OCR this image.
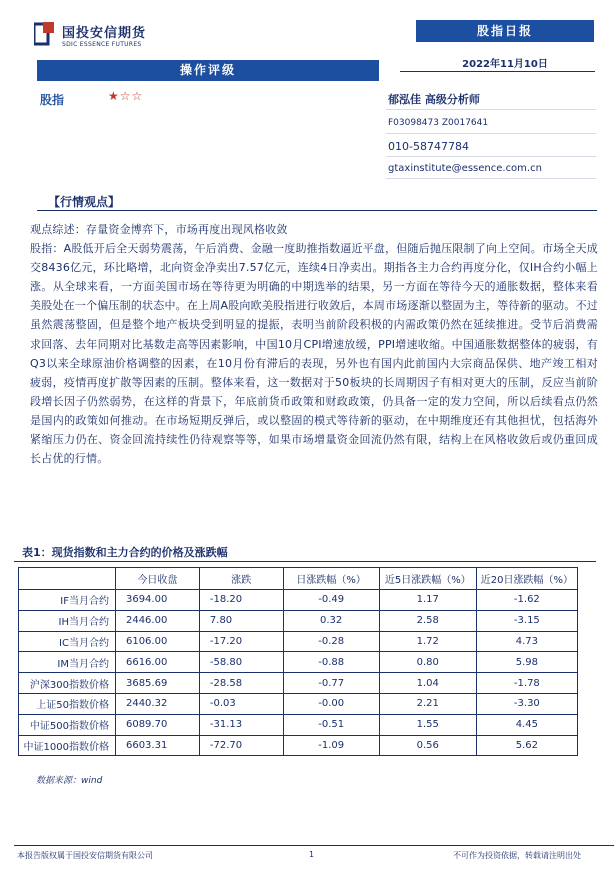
国投安信期货
SDIC ESSENCE FUTURES
股指日报
2022年11月10日
操作评级
股指	★☆☆	郁泓佳 高级分析师
F03098473 Z0017641
010-58747784
gtaxinstitute@essence.com.cn
【行情观点】

观点综述：存量资金博弈下，市场再度出现风格收敛

股指：A股低开后全天弱势震荡，午后消费、金融一度助推指数逼近平盘，但随后抛压限制了向上空间。市场全天成交8436亿元，环比略增，北向资金净卖出7.57亿元，连续4日净卖出。期指各主力合约再度分化，仅IH合约小幅上涨。从全球来看，一方面美国市场在等待更为明确的中期选举的结果，另一方面在等待今天的通胀数据，整体来看美股处在一个偏压制的状态中。在上周A股向欧美股指进行收敛后，本周市场逐渐以整固为主，等待新的驱动。不过虽然震荡整固，但是整个地产板块受到明显的提振，表明当前阶段积极的内需政策仍然在延续推进。受节后消费需求回落、去年同期对比基数走高等因素影响，中国10月CPI增速放缓，PPI增速收缩。中国通胀数据整体的疲弱，有Q3以来全球原油价格调整的因素，在10月份有滞后的表现，另外也有国内此前国内大宗商品保供、地产竣工相对疲弱，疫情再度扩散等因素的压制。整体来看，这一数据对于50板块的长周期因子有相对更大的压制，反应当前阶段增长因子仍然弱势，在这样的背景下，年底前货币政策和财政政策，仍具备一定的发力空间，所以后续看点仍然是国内的政策如何推动。在市场短期反弹后，或以整固的模式等待新的驱动，在中期维度还有其他担忧，包括海外紧缩压力仍在、资金回流持续性仍待观察等等，如果市场增量资金回流仍然有限，结构上在风格收敛后或仍重回成长占优的行情。

表1：现货指数和主力合约的价格及涨跌幅
	今日收盘	涨跌	日涨跌幅（%）	近5日涨跌幅（%）	近20日涨跌幅（%）
IF当月合约	3694.00	-18.20	-0.49	1.17	-1.62
IH当月合约	2446.00	7.80	0.32	2.58	-3.15
IC当月合约	6106.00	-17.20	-0.28	1.72	4.73
IM当月合约	6616.00	-58.80	-0.88	0.80	5.98
沪深300指数价格	3685.69	-28.58	-0.77	1.04	-1.78
上证50指数价格	2440.32	-0.03	-0.00	2.21	-3.30
中证500指数价格	6089.70	-31.13	-0.51	1.55	4.45
中证1000指数价格	6603.31	-72.70	-1.09	0.56	5.62
数据来源：wind
本报告版权属于国投安信期货有限公司	1	不可作为投资依据，转载请注明出处
